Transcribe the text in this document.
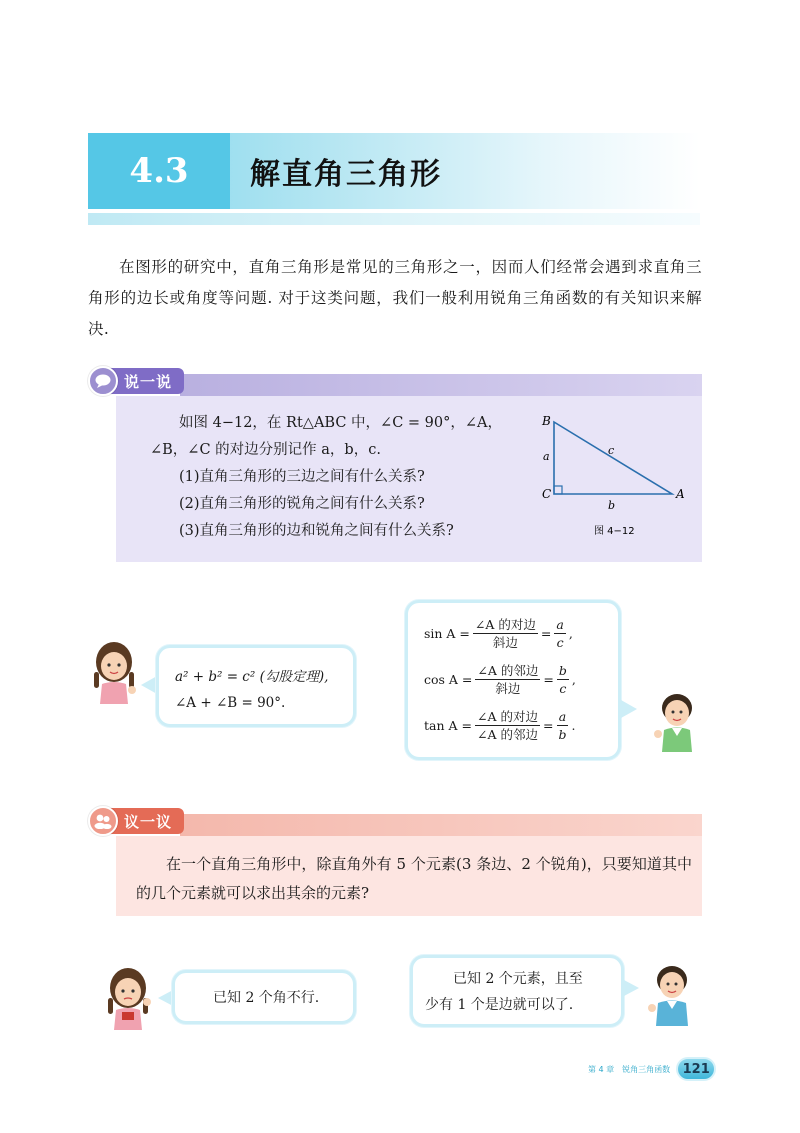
4.3	解直角三角形

在图形的研究中，直角三角形是常见的三角形之一，因而人们经常会遇到求直角三角形的边长或角度等问题. 对于这类问题，我们一般利用锐角三角函数的有关知识来解决.

说一说

如图 4−12，在 Rt△ABC 中，∠C = 90°，∠A，

∠B，∠C 的对边分别记作 a，b，c.

(1)直角三角形的三边之间有什么关系?

(2)直角三角形的锐角之间有什么关系?

(3)直角三角形的边和锐角之间有什么关系?

B
C	A
a
b
c
图 4−12
a² + b² = c² (勾股定理),
∠A + ∠B = 90°.
$\sin A = \frac{\text{∠A 的对边}}{\text{斜边}} = \frac{a}{c}$ ,
$\cos A = \frac{\text{∠A 的邻边}}{\text{斜边}} = \frac{b}{c}$ ,
$\tan A = \frac{\text{∠A 的对边}}{\text{∠A 的邻边}} = \frac{a}{b}$ .
议一议

在一个直角三角形中，除直角外有 5 个元素(3 条边、2 个锐角)，只要知道其中的几个元素就可以求出其余的元素?

已知 2 个角不行.
已知 2 个元素，且至
少有 1 个是边就可以了.
第 4 章　锐角三角函数 121
